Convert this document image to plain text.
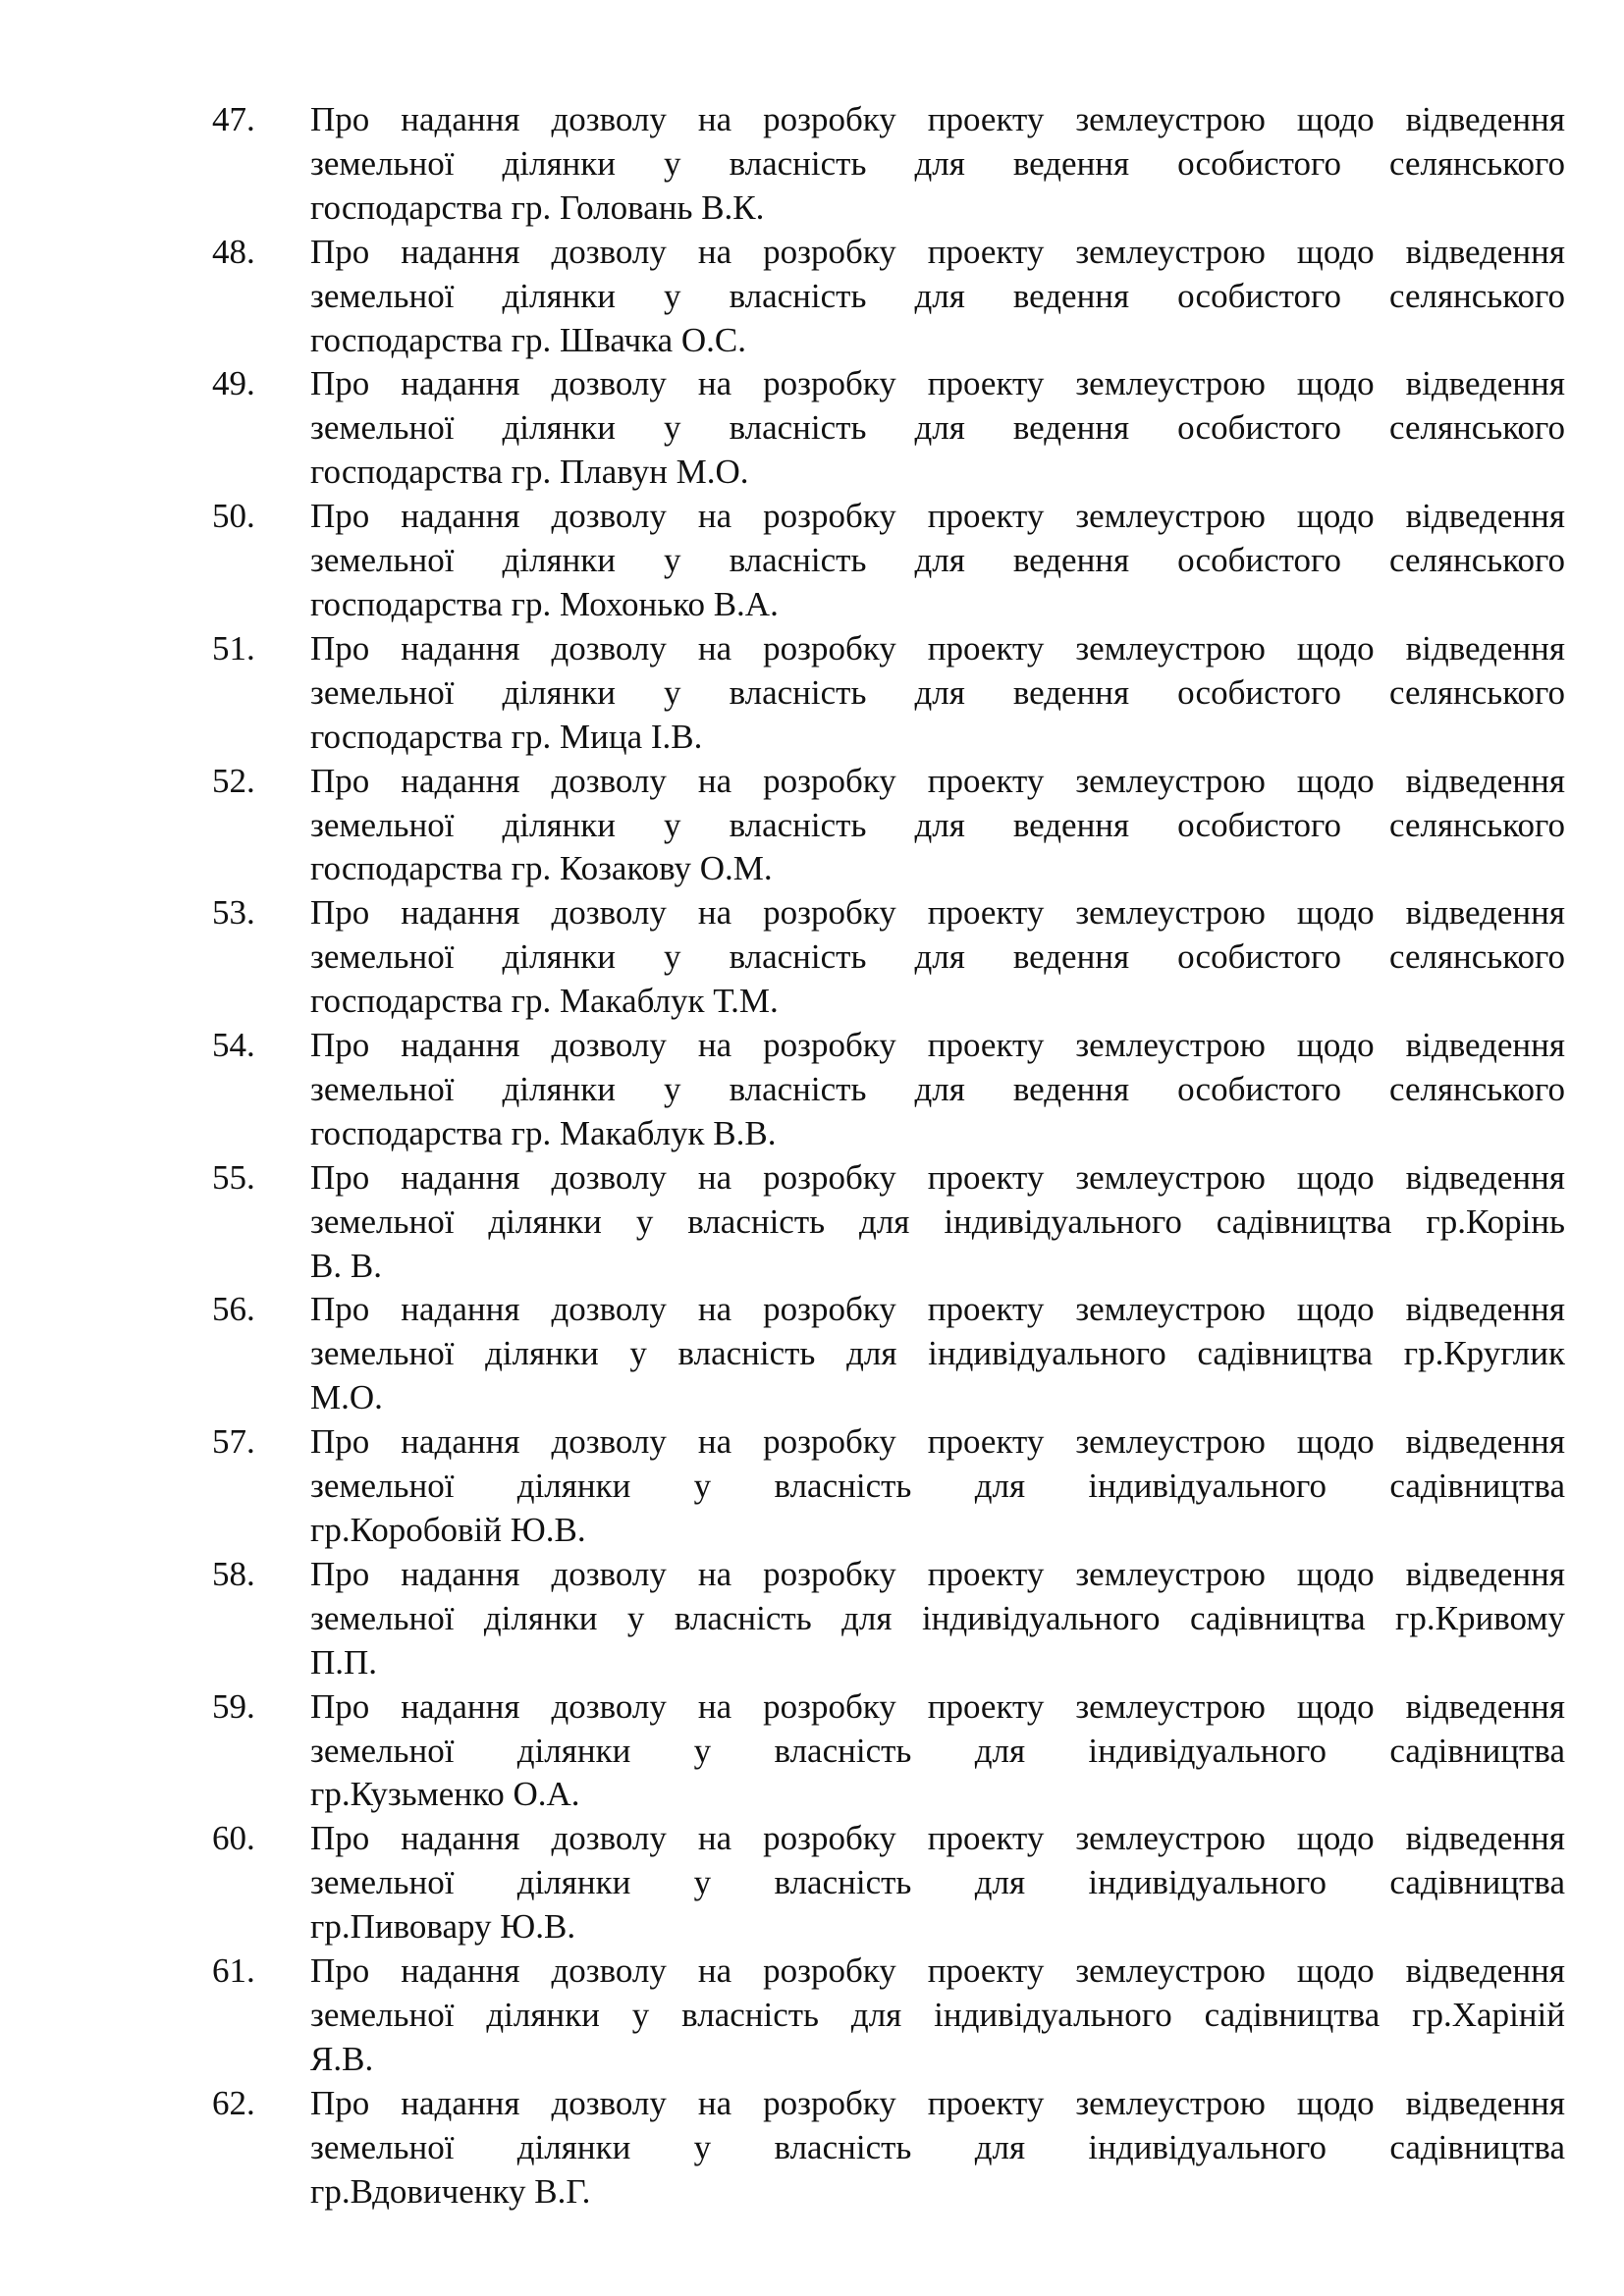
47.	Про надання дозволу на розробку проекту землеустрою щодо відведення
земельної ділянки у власність для ведення особистого селянського
господарства гр. Головань В.К.
48.	Про надання дозволу на розробку проекту землеустрою щодо відведення
земельної ділянки у власність для ведення особистого селянського
господарства гр. Швачка О.С.
49.	Про надання дозволу на розробку проекту землеустрою щодо відведення
земельної ділянки у власність для ведення особистого селянського
господарства гр. Плавун М.О.
50.	Про надання дозволу на розробку проекту землеустрою щодо відведення
земельної ділянки у власність для ведення особистого селянського
господарства гр. Мохонько В.А.
51.	Про надання дозволу на розробку проекту землеустрою щодо відведення
земельної ділянки у власність для ведення особистого селянського
господарства гр. Мица І.В.
52.	Про надання дозволу на розробку проекту землеустрою щодо відведення
земельної ділянки у власність для ведення особистого селянського
господарства гр. Козакову О.М.
53.	Про надання дозволу на розробку проекту землеустрою щодо відведення
земельної ділянки у власність для ведення особистого селянського
господарства гр. Макаблук Т.М.
54.	Про надання дозволу на розробку проекту землеустрою щодо відведення
земельної ділянки у власність для ведення особистого селянського
господарства гр. Макаблук В.В.
55.	Про надання дозволу на розробку проекту землеустрою щодо відведення
земельної ділянки у власність для індивідуального садівництва гр.Корінь
В. В.
56.	Про надання дозволу на розробку проекту землеустрою щодо відведення
земельної ділянки у власність для індивідуального садівництва гр.Круглик
М.О.
57.	Про надання дозволу на розробку проекту землеустрою щодо відведення
земельної ділянки у власність для індивідуального садівництва
гр.Коробовій Ю.В.
58.	Про надання дозволу на розробку проекту землеустрою щодо відведення
земельної ділянки у власність для індивідуального садівництва гр.Кривому
П.П.
59.	Про надання дозволу на розробку проекту землеустрою щодо відведення
земельної ділянки у власність для індивідуального садівництва
гр.Кузьменко О.А.
60.	Про надання дозволу на розробку проекту землеустрою щодо відведення
земельної ділянки у власність для індивідуального садівництва
гр.Пивовару Ю.В.
61.	Про надання дозволу на розробку проекту землеустрою щодо відведення
земельної ділянки у власність для індивідуального садівництва гр.Харіній
Я.В.
62.	Про надання дозволу на розробку проекту землеустрою щодо відведення
земельної ділянки у власність для індивідуального садівництва
гр.Вдовиченку В.Г.
